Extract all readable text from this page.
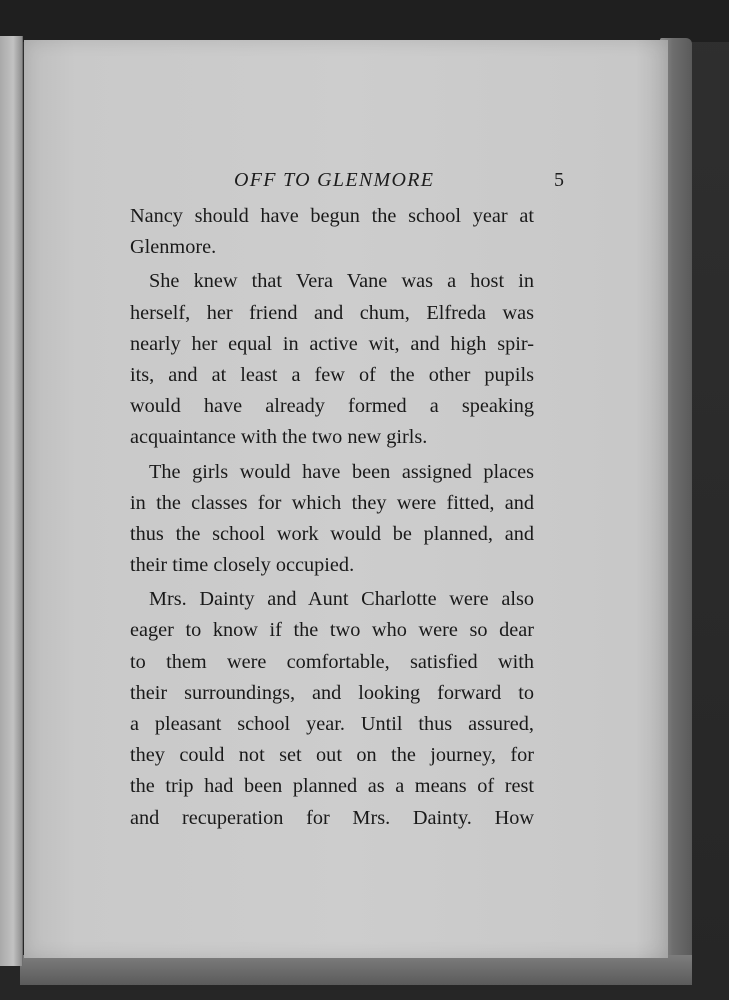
OFF TO GLENMORE	5
Nancy should have begun the school year at
Glenmore.
She knew that Vera Vane was a host in
herself, her friend and chum, Elfreda was
nearly her equal in active wit, and high spir-
its, and at least a few of the other pupils
would have already formed a speaking
acquaintance with the two new girls.
The girls would have been assigned places
in the classes for which they were fitted, and
thus the school work would be planned, and
their time closely occupied.
Mrs. Dainty and Aunt Charlotte were also
eager to know if the two who were so dear
to them were comfortable, satisfied with
their surroundings, and looking forward to
a pleasant school year. Until thus assured,
they could not set out on the journey, for
the trip had been planned as a means of rest
and recuperation for Mrs. Dainty. How
